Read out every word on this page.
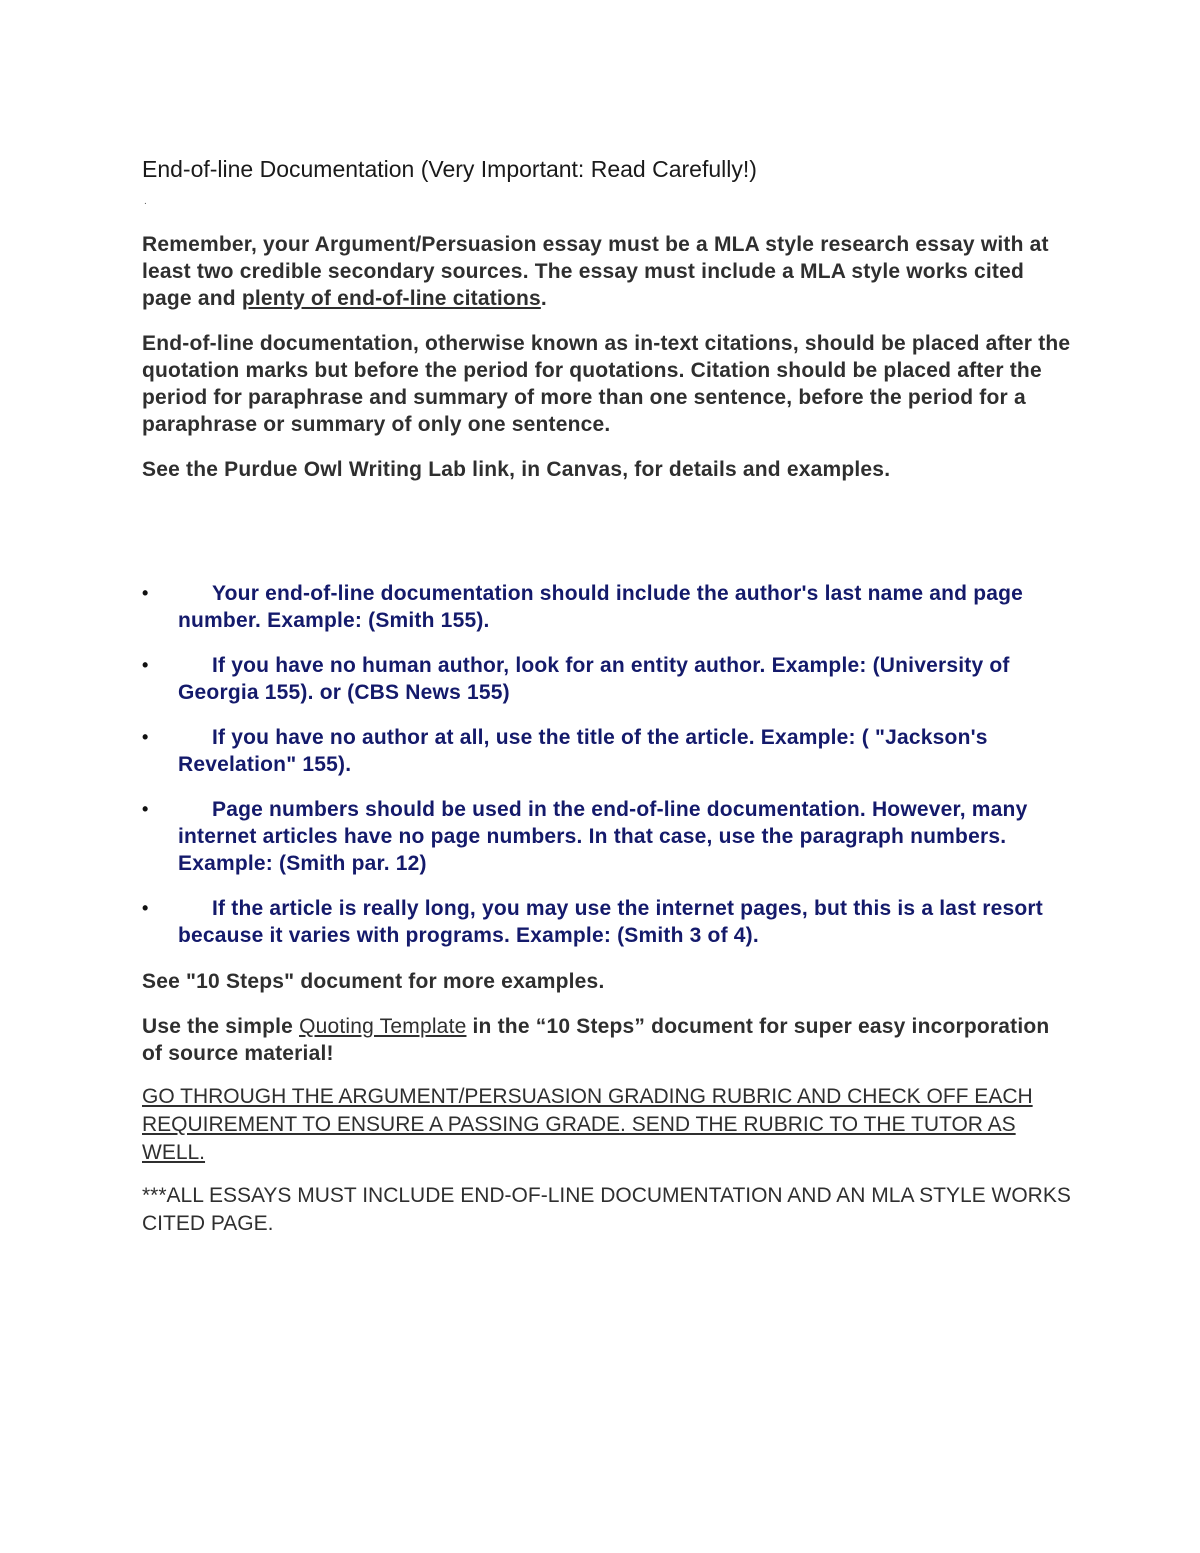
End-of-line Documentation (Very Important: Read Carefully!)
.

Remember, your Argument/Persuasion essay must be a MLA style research essay with at least two credible secondary sources. The essay must include a MLA style works cited page and plenty of end-of-line citations.

End-of-line documentation, otherwise known as in-text citations, should be placed after the quotation marks but before the period for quotations. Citation should be placed after the period for paraphrase and summary of more than one sentence, before the period for a paraphrase or summary of only one sentence.

See the Purdue Owl Writing Lab link, in Canvas, for details and examples.

•	Your end-of-line documentation should include the author's last name and page number. Example: (Smith 155).
•	If you have no human author, look for an entity author. Example: (University of Georgia 155). or (CBS News 155)
•	If you have no author at all, use the title of the article. Example: ( "Jackson's Revelation" 155).
•	Page numbers should be used in the end-of-line documentation. However, many internet articles have no page numbers. In that case, use the paragraph numbers. Example: (Smith par. 12)
•	If the article is really long, you may use the internet pages, but this is a last resort because it varies with programs. Example: (Smith 3 of 4).

See "10 Steps" document for more examples.

Use the simple Quoting Template in the “10 Steps” document for super easy incorporation of source material!

GO THROUGH THE ARGUMENT/PERSUASION GRADING RUBRIC AND CHECK OFF EACH REQUIREMENT TO ENSURE A PASSING GRADE. SEND THE RUBRIC TO THE TUTOR AS WELL.

***ALL ESSAYS MUST INCLUDE END-OF-LINE DOCUMENTATION AND AN MLA STYLE WORKS CITED PAGE.
